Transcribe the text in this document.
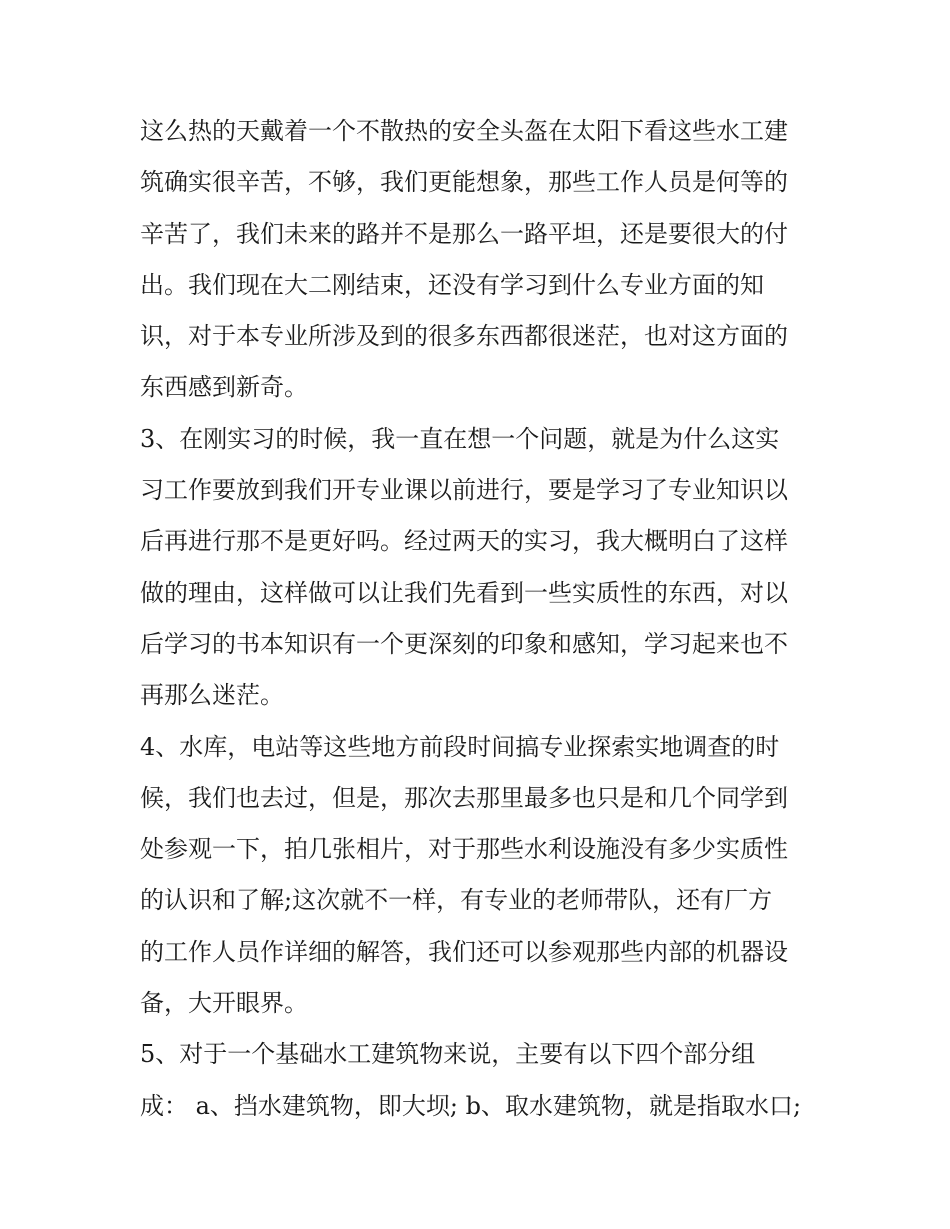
这么热的天戴着一个不散热的安全头盔在太阳下看这些水工建
筑确实很辛苦，不够，我们更能想象，那些工作人员是何等的
辛苦了，我们未来的路并不是那么一路平坦，还是要很大的付
出。我们现在大二刚结束，还没有学习到什么专业方面的知
识，对于本专业所涉及到的很多东西都很迷茫，也对这方面的
东西感到新奇。
3、在刚实习的时候，我一直在想一个问题，就是为什么这实
习工作要放到我们开专业课以前进行，要是学习了专业知识以
后再进行那不是更好吗。经过两天的实习，我大概明白了这样
做的理由，这样做可以让我们先看到一些实质性的东西，对以
后学习的书本知识有一个更深刻的印象和感知，学习起来也不
再那么迷茫。
4、水库，电站等这些地方前段时间搞专业探索实地调查的时
候，我们也去过，但是，那次去那里最多也只是和几个同学到
处参观一下，拍几张相片，对于那些水利设施没有多少实质性
的认识和了解;这次就不一样，有专业的老师带队，还有厂方
的工作人员作详细的解答，我们还可以参观那些内部的机器设
备，大开眼界。
5、对于一个基础水工建筑物来说，主要有以下四个部分组
成： a、挡水建筑物，即大坝; b、取水建筑物，就是指取水口;
